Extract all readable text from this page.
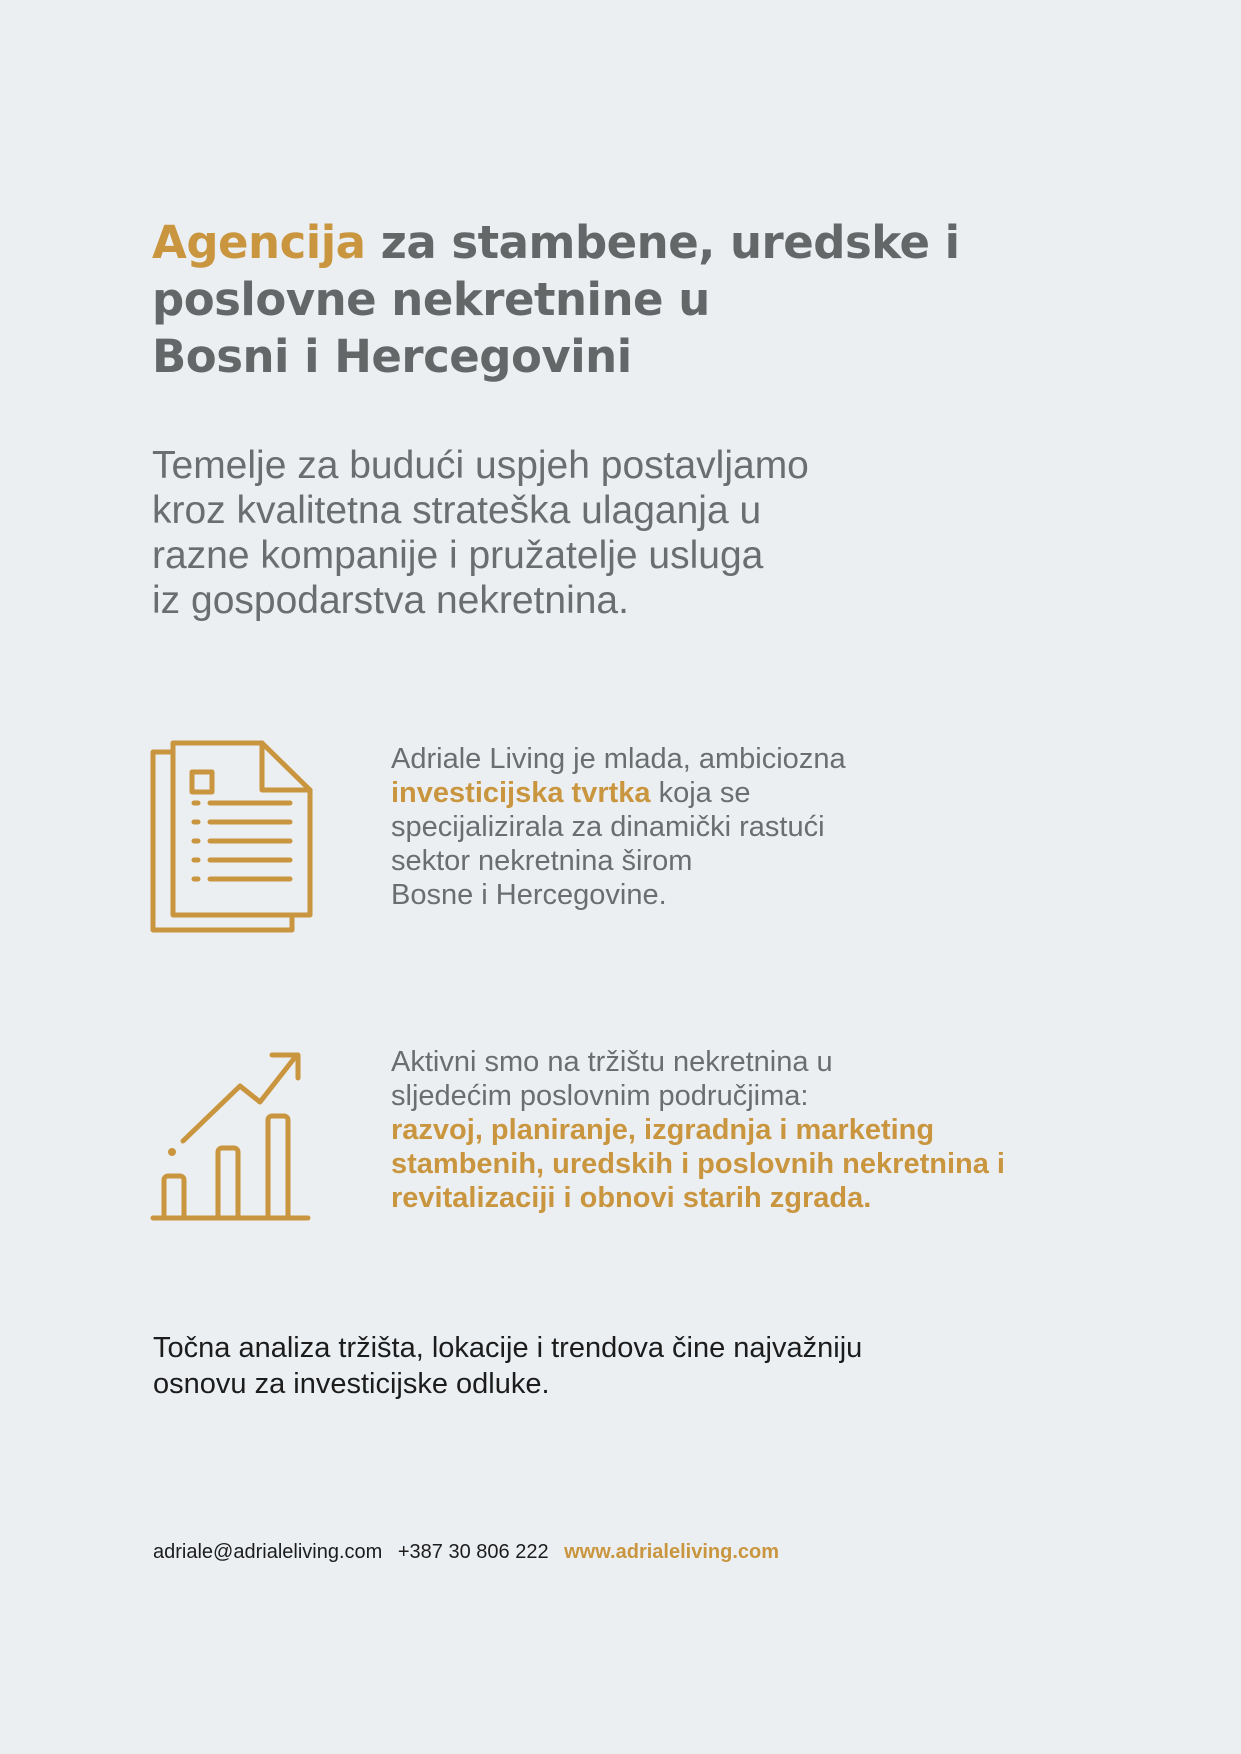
Agencija za stambene, uredske i
poslovne nekretnine u
Bosni i Hercegovini

Temelje za budući uspjeh postavljamo
kroz kvalitetna strateška ulaganja u
razne kompanije i pružatelje usluga
iz gospodarstva nekretnina.

Adriale Living je mlada, ambiciozna
investicijska tvrtka koja se
specijalizirala za dinamički rastući
sektor nekretnina širom
Bosne i Hercegovine.

Aktivni smo na tržištu nekretnina u
sljedećim poslovnim područjima:
razvoj, planiranje, izgradnja i marketing
stambenih, uredskih i poslovnih nekretnina i
revitalizaciji i obnovi starih zgrada.

Točna analiza tržišta, lokacije i trendova čine najvažniju
osnovu za investicijske odluke.

adriale@adrialeliving.com +387 30 806 222 www.adrialeliving.com
